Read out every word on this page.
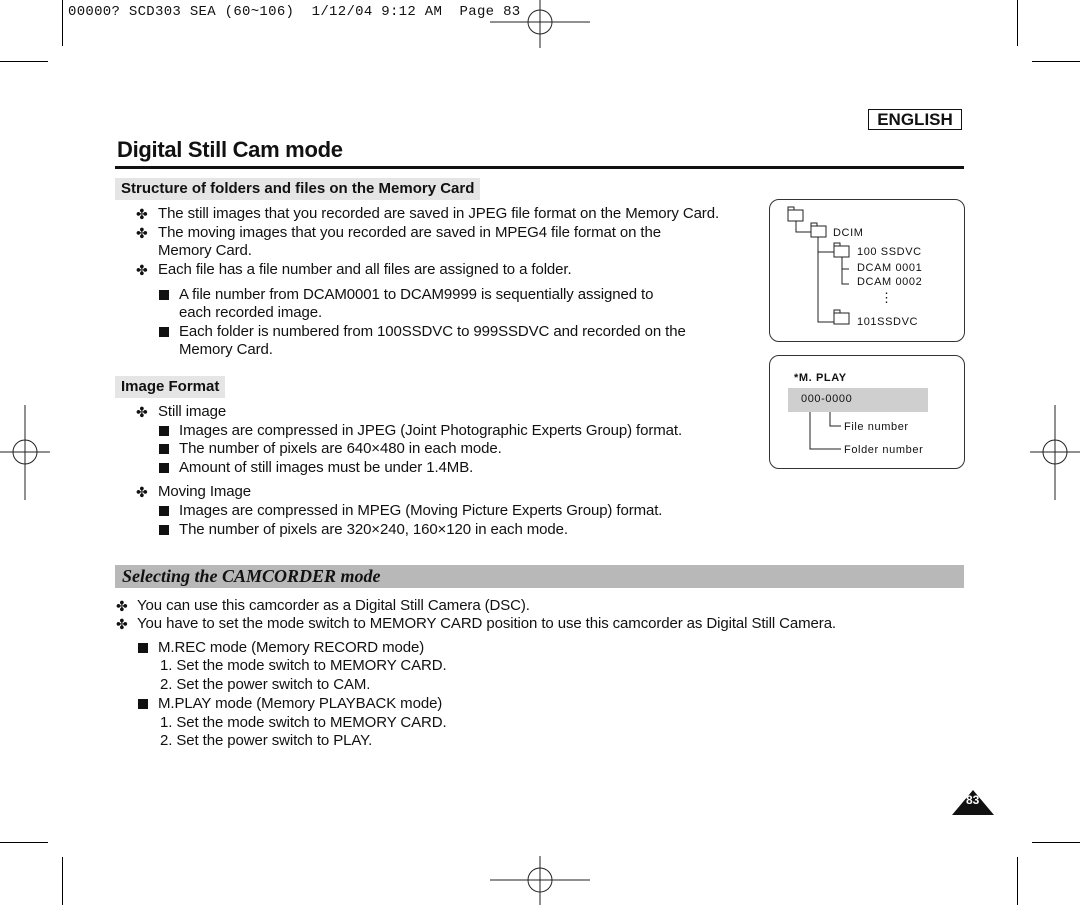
00000? SCD303 SEA (60~106)  1/12/04 9:12 AM  Page 83
ENGLISH
Digital Still Cam mode
Structure of folders and files on the Memory Card
✤ The still images that you recorded are saved in JPEG file format on the Memory Card.
✤ The moving images that you recorded are saved in MPEG4 file format on the
Memory Card.
✤ Each file has a file number and all files are assigned to a folder.
A file number from DCAM0001 to DCAM9999 is sequentially assigned to
each recorded image.
Each folder is numbered from 100SSDVC to 999SSDVC and recorded on the
Memory Card.
Image Format
✤ Still image
Images are compressed in JPEG (Joint Photographic Experts Group) format.
The number of pixels are 640×480 in each mode.
Amount of still images must be under 1.4MB.
✤ Moving Image
Images are compressed in MPEG (Moving Picture Experts Group) format.
The number of pixels are 320×240, 160×120 in each mode.
DCIM
100 SSDVC
DCAM 0001
DCAM 0002
⋮
101SSDVC
*M. PLAY
000-0000
File number
Folder number
Selecting the CAMCORDER mode
✤ You can use this camcorder as a Digital Still Camera (DSC).
✤ You have to set the mode switch to MEMORY CARD position to use this camcorder as Digital Still Camera.
M.REC mode (Memory RECORD mode)
1. Set the mode switch to MEMORY CARD.
2. Set the power switch to CAM.
M.PLAY mode (Memory PLAYBACK mode)
1. Set the mode switch to MEMORY CARD.
2. Set the power switch to PLAY.
83
